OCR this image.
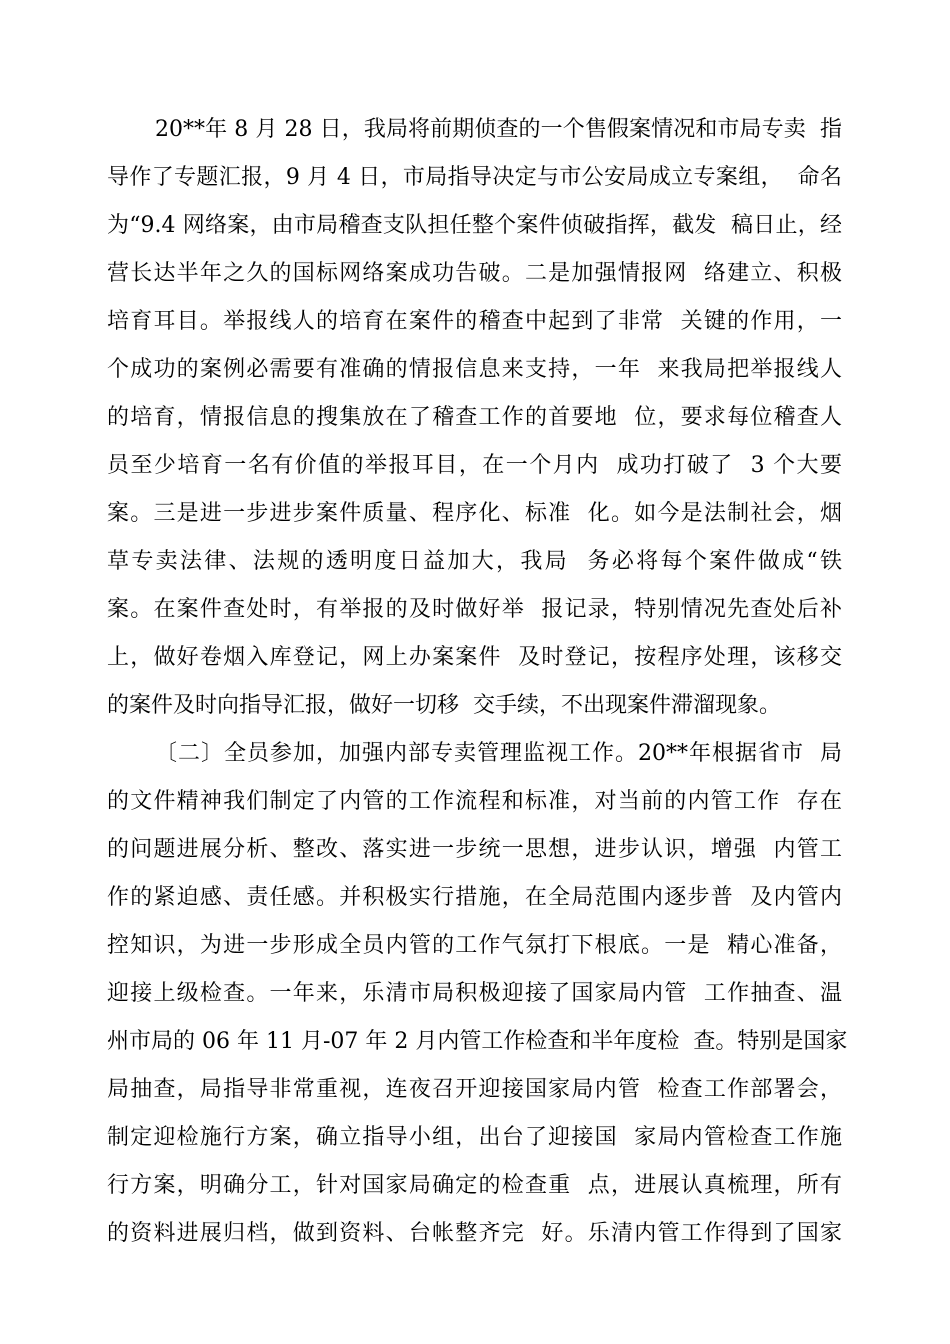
20**年 8 月 28 日，我局将前期侦查的一个售假案情况和市局专卖  指
导作了专题汇报，9 月 4 日，市局指导决定与市公安局成立专案组，  命名
为“9.4 网络案，由市局稽查支队担任整个案件侦破指挥，截发  稿日止，经
营长达半年之久的国标网络案成功告破。二是加强情报网  络建立、积极
培育耳目。举报线人的培育在案件的稽查中起到了非常  关键的作用，一
个成功的案例必需要有准确的情报信息来支持，一年  来我局把举报线人
的培育，情报信息的搜集放在了稽查工作的首要地  位，要求每位稽查人
员至少培育一名有价值的举报耳目，在一个月内  成功打破了  3 个大要
案。三是进一步进步案件质量、程序化、标准  化。如今是法制社会，烟
草专卖法律、法规的透明度日益加大，我局  务必将每个案件做成“铁
案。在案件查处时，有举报的及时做好举  报记录，特别情况先查处后补
上，做好卷烟入库登记，网上办案案件  及时登记，按程序处理，该移交
的案件及时向指导汇报，做好一切移  交手续，不出现案件滞溜现象。
〔二〕全员参加，加强内部专卖管理监视工作。20**年根据省市  局
的文件精神我们制定了内管的工作流程和标准，对当前的内管工作  存在
的问题进展分析、整改、落实进一步统一思想，进步认识，增强  内管工
作的紧迫感、责任感。并积极实行措施，在全局范围内逐步普  及内管内
控知识，为进一步形成全员内管的工作气氛打下根底。一是  精心准备，
迎接上级检查。一年来，乐清市局积极迎接了国家局内管  工作抽查、温
州市局的 06 年 11 月-07 年 2 月内管工作检查和半年度检  查。特别是国家
局抽查，局指导非常重视，连夜召开迎接国家局内管  检查工作部署会，
制定迎检施行方案，确立指导小组，出台了迎接国  家局内管检查工作施
行方案，明确分工，针对国家局确定的检查重  点，进展认真梳理，所有
的资料进展归档，做到资料、台帐整齐完  好。乐清内管工作得到了国家
